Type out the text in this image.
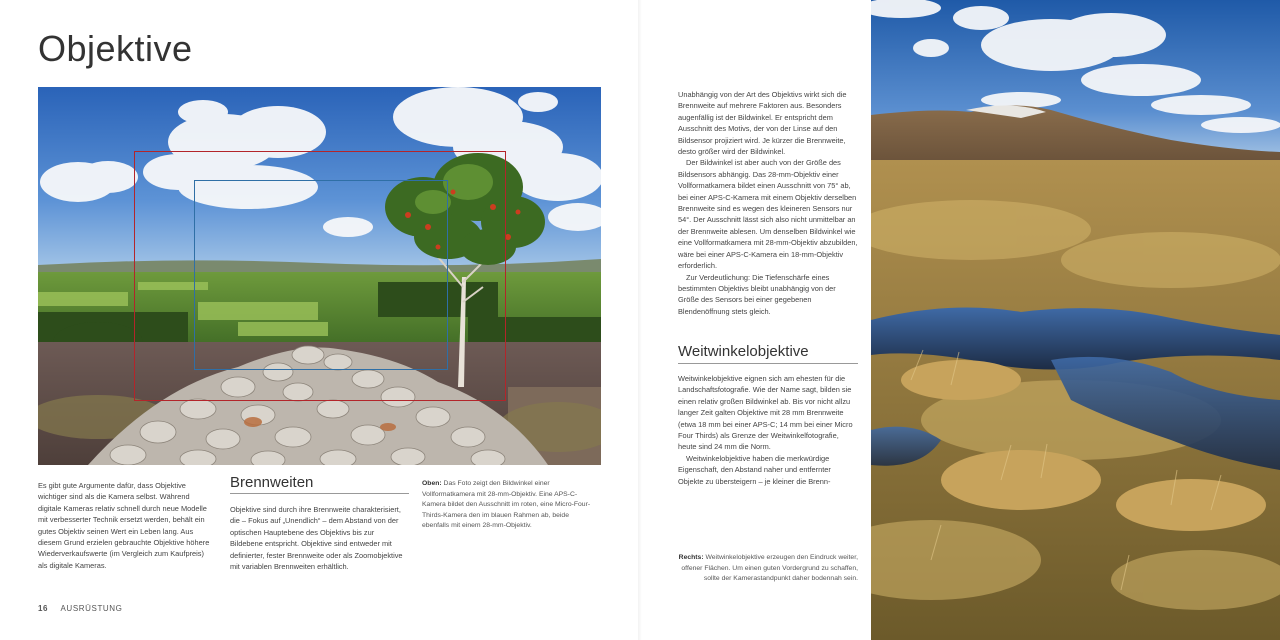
Objektive

Es gibt gute Argumente dafür, dass Objektive wichtiger sind als die Kamera selbst. Während digitale Kameras relativ schnell durch neue Modelle mit verbesserter Technik ersetzt werden, behält ein gutes Objektiv seinen Wert ein Leben lang. Aus diesem Grund erzielen gebrauchte Objektive höhere Wiederverkaufswerte (im Vergleich zum Kaufpreis) als digitale Kameras.

Brennweiten

Objektive sind durch ihre Brennweite charakterisiert, die – Fokus auf „Unendlich“ – dem Abstand von der optischen Hauptebene des Objektivs bis zur Bildebene entspricht. Objektive sind entweder mit definierter, fester Brennweite oder als Zoomobjektive mit variablen Brennweiten erhältlich.

Oben: Das Foto zeigt den Bildwinkel einer Vollformatkamera mit 28-mm-Objektiv. Eine APS-C-Kamera bildet den Ausschnitt im roten, eine Micro-Four-Thirds-Kamera den im blauen Rahmen ab, beide ebenfalls mit einem 28-mm-Objektiv.
16 AUSRÜSTUNG

Unabhängig von der Art des Objektivs wirkt sich die Brennweite auf mehrere Faktoren aus. Besonders augenfällig ist der Bildwinkel. Er entspricht dem Ausschnitt des Motivs, der von der Linse auf den Bildsensor projiziert wird. Je kürzer die Brennweite, desto größer wird der Bildwinkel.

Der Bildwinkel ist aber auch von der Größe des Bildsensors abhängig. Das 28-mm-Objektiv einer Vollformatkamera bildet einen Ausschnitt von 75° ab, bei einer APS-C-Kamera mit einem Objektiv derselben Brennweite sind es wegen des kleineren Sensors nur 54°. Der Ausschnitt lässt sich also nicht unmittelbar an der Brennweite ablesen. Um denselben Bildwinkel wie eine Vollformatkamera mit 28-mm-Objektiv abzubilden, wäre bei einer APS-C-Kamera ein 18-mm-Objektiv erforderlich.

Zur Verdeutlichung: Die Tiefenschärfe eines bestimmten Objektivs bleibt unabhängig von der Größe des Sensors bei einer gegebenen Blendenöffnung stets gleich.

Weitwinkelobjektive

Weitwinkelobjektive eignen sich am ehesten für die Landschaftsfotografie. Wie der Name sagt, bilden sie einen relativ großen Bildwinkel ab. Bis vor nicht allzu langer Zeit galten Objektive mit 28 mm Brennweite (etwa 18 mm bei einer APS-C; 14 mm bei einer Micro Four Thirds) als Grenze der Weitwinkelfotografie, heute sind 24 mm die Norm.

Weitwinkelobjektive haben die merkwürdige Eigenschaft, den Abstand naher und entfernter Objekte zu übersteigern – je kleiner die Brenn-

Rechts: Weitwinkelobjektive erzeugen den Eindruck weiter, offener Flächen. Um einen guten Vordergrund zu schaffen, sollte der Kamerastandpunkt daher bodennah sein.
